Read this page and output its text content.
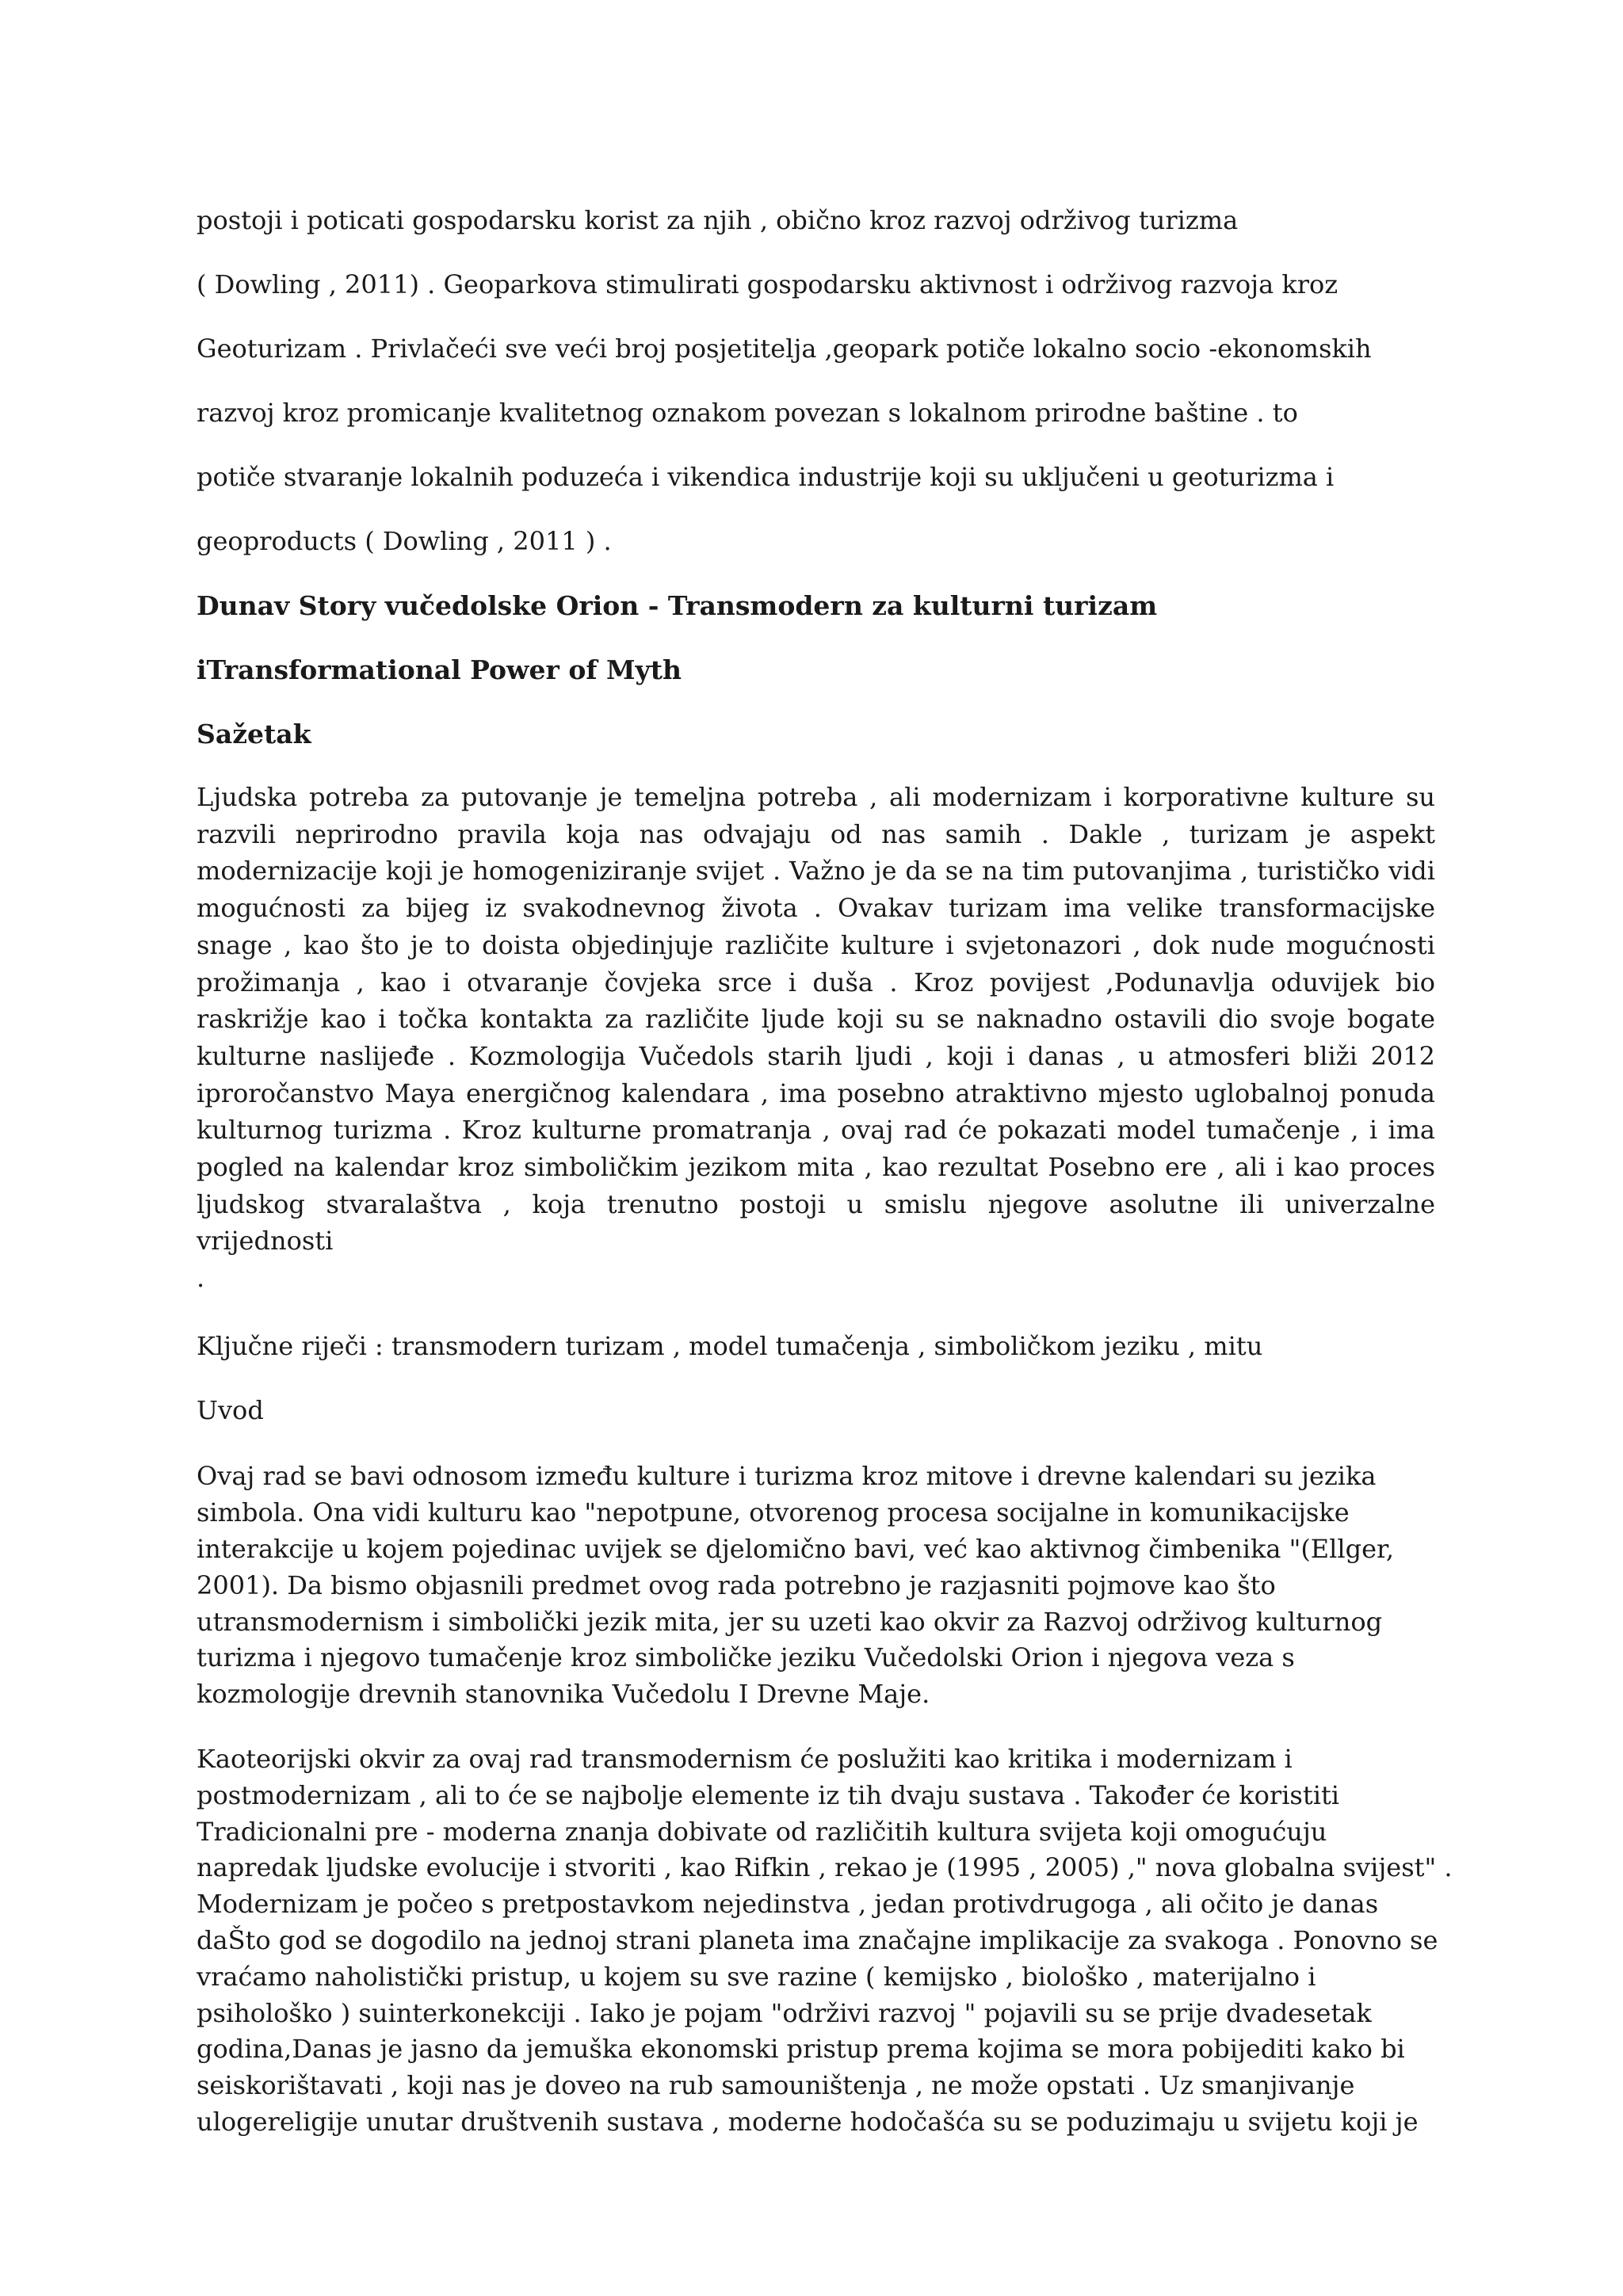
postoji i poticati gospodarsku korist za njih , obično kroz razvoj održivog turizma

( Dowling , 2011) . Geoparkova stimulirati gospodarsku aktivnost i održivog razvoja kroz

Geoturizam . Privlačeći sve veći broj posjetitelja ,geopark potiče lokalno socio -ekonomskih

razvoj kroz promicanje kvalitetnog oznakom povezan s lokalnom prirodne baštine . to

potiče stvaranje lokalnih poduzeća i vikendica industrije koji su uključeni u geoturizma i

geoproducts ( Dowling , 2011 ) .

Dunav Story vučedolske Orion - Transmodern za kulturni turizam
iTransformational Power of Myth
Sažetak

Ljudska potreba za putovanje je temeljna potreba , ali modernizam i korporativne kulture su

razvili neprirodno pravila koja nas odvajaju od nas samih . Dakle , turizam je aspekt

modernizacije koji je homogeniziranje svijet . Važno je da se na tim putovanjima , turističko vidi

mogućnosti za bijeg iz svakodnevnog života . Ovakav turizam ima velike transformacijske

snage , kao što je to doista objedinjuje različite kulture i svjetonazori , dok nude mogućnosti

prožimanja , kao i otvaranje čovjeka srce i duša . Kroz povijest ,Podunavlja oduvijek bio

raskrižje kao i točka kontakta za različite ljude koji su se naknadno ostavili dio svoje bogate

kulturne naslijeđe . Kozmologija Vučedols starih ljudi , koji i danas , u atmosferi bliži 2012

iproročanstvo Maya energičnog kalendara , ima posebno atraktivno mjesto uglobalnoj ponuda

kulturnog turizma . Kroz kulturne promatranja , ovaj rad će pokazati model tumačenje , i ima

pogled na kalendar kroz simboličkim jezikom mita , kao rezultat Posebno ere , ali i kao proces

ljudskog stvaralaštva , koja trenutno postoji u smislu njegove asolutne ili univerzalne vrijednosti

.

Ključne riječi : transmodern turizam , model tumačenja , simboličkom jeziku , mitu

Uvod

Ovaj rad se bavi odnosom između kulture i turizma kroz mitove i drevne kalendari su jezika
simbola. Ona vidi kulturu kao "nepotpune, otvorenog procesa socijalne in komunikacijske
interakcije u kojem pojedinac uvijek se djelomično bavi, već kao aktivnog čimbenika "(Ellger,
2001). Da bismo objasnili predmet ovog rada potrebno je razjasniti pojmove kao što
utransmodernism i simbolički jezik mita, jer su uzeti kao okvir za Razvoj održivog kulturnog
turizma i njegovo tumačenje kroz simboličke jeziku Vučedolski Orion i njegova veza s
kozmologije drevnih stanovnika Vučedolu I Drevne Maje.

Kaoteorijski okvir za ovaj rad transmodernism će poslužiti kao kritika i modernizam i
postmodernizam , ali to će se najbolje elemente iz tih dvaju sustava . Također će koristiti
Tradicionalni pre - moderna znanja dobivate od različitih kultura svijeta koji omogućuju
napredak ljudske evolucije i stvoriti , kao Rifkin , rekao je (1995 , 2005) ," nova globalna svijest" .
Modernizam je počeo s pretpostavkom nejedinstva , jedan protivdrugoga , ali očito je danas
daŠto god se dogodilo na jednoj strani planeta ima značajne implikacije za svakoga . Ponovno se
vraćamo naholistički pristup, u kojem su sve razine ( kemijsko , biološko , materijalno i
psihološko ) suinterkonekciji . Iako je pojam "održivi razvoj " pojavili su se prije dvadesetak
godina,Danas je jasno da jemuška ekonomski pristup prema kojima se mora pobijediti kako bi
seiskorištavati , koji nas je doveo na rub samouništenja , ne može opstati . Uz smanjivanje
ulogereligije unutar društvenih sustava , moderne hodočašća su se poduzimaju u svijetu koji je
